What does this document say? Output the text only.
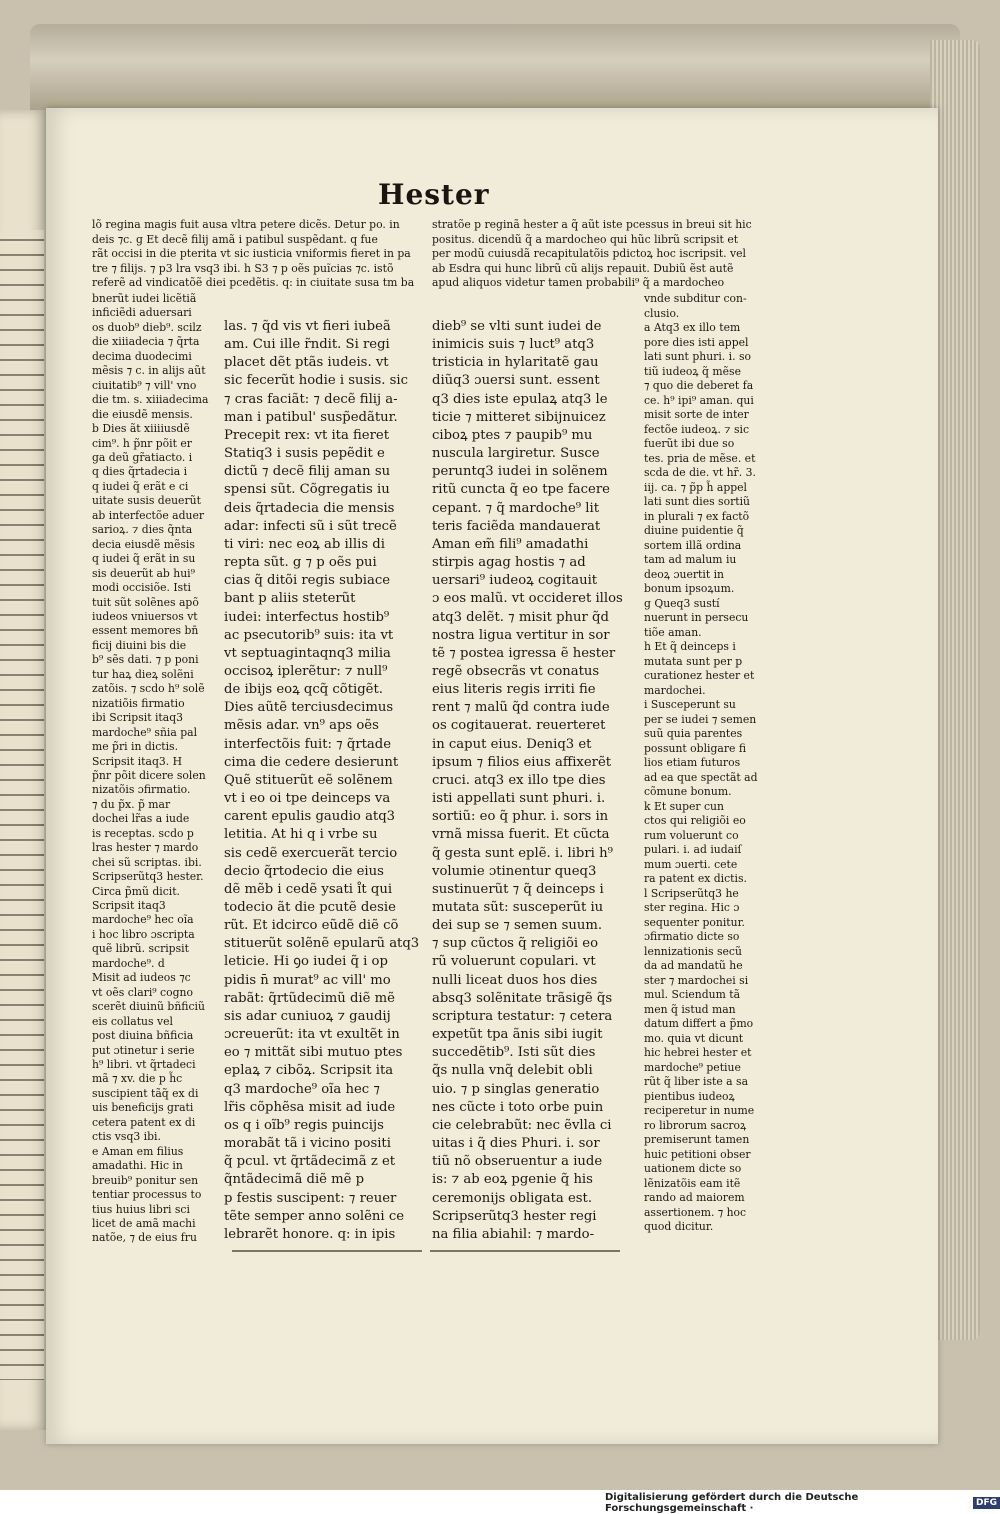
Hester
lõ regina magis fuit ausa vltra petere dicẽs. Detur po. in
deis ⁊c. g Et decẽ filij amã i patibul suspẽdant. q fue
rãt occisi in die pterita vt sic iusticia vniformis fieret in pa
tre ⁊ filijs. ⁊ p3 lra vsq3 ibi. h S3 ⁊ p oẽs puĩcias ⁊c. istõ
referẽ ad vindicatõẽ diei pcedẽtis. q: in ciuitate susa tm ba
stratõe p reginã hester a q̃ aũt iste pcessus in breui sit hic
positus. dicendũ q̃ a mardocheo qui hũc librũ scripsit et
per modũ cuiusdã recapitulatõis pdictoꝝ hoc iscripsit. vel
ab Esdra qui hunc librũ cũ alijs repauit. Dubiũ ẽst autẽ
apud aliquos videtur tamen probabili⁹ q̃ a mardocheo
bnerũt iudei licẽtiã
inficiẽdi aduersari
os duob⁹ dieb⁹. scilz
die xiiiadecia ⁊ q̃rta
decima duodecimi
mẽsis ⁊ c. in alijs aũt
ciuitatib⁹ ⁊ vill' vno
die tm. s. xiiiadecima
die eiusdẽ mensis.
b Dies ãt xiiiiusdẽ
cim⁹. h p̃nr põit er
ga deũ gr̃atiacto. i
q dies q̃rtadecia i
q iudei q̃ erãt e ci
uitate susis deuerũt
ab interfectõe aduer
sarioꝝ. ⁊ dies q̃nta
decia eiusdẽ mẽsis
q iudei q̃ erãt in su
sis deuerũt ab hui⁹
modi occisiõe. Isti
tuit sũt solẽnes apõ
iudeos vniuersos vt
essent memores bn̄
ficij diuini bis die
b⁹ sẽs dati. ⁊ p poni
tur haꝝ dieꝝ solẽni
zatõis. ⁊ scdo h⁹ solẽ
nizatiõis firmatio
ibi Scripsit itaq3
mardoche⁹ sñia pal
me p̃ri in dictis.
Scripsit itaq3. H
p̃nr põit dicere solen
nizatõis ɔfirmatio.
⁊ du p̃x. p̃ mar
dochei lr̃as a iude
is receptas. scdo p
lras hester ⁊ mardo
chei sũ scriptas. ibi.
Scripserũtq3 hester.
Circa p̃mũ dicit.
Scripsit itaq3
mardoche⁹ hec oĩa
i hoc libro ɔscripta
quẽ librũ. scripsit
mardoche⁹. d
Misit ad iudeos ⁊c
vt oẽs clari⁹ cogno
scerẽt diuinũ bñficiũ
eis collatus vel
post diuina bñficia
put ɔtinetur i serie
h⁹ libri. vt q̃rtadeci
mã ⁊ xv. die p h̃c
suscipient tãq̃ ex di
uis beneficijs grati
cetera patent ex di
ctis vsq3 ibi.
e Aman em filius
amadathi. Hic in
breuib⁹ ponitur sen
tentiar processus to
tius huius libri sci
licet de amã machi
natõe, ⁊ de eius fru
las. ⁊ q̃d vis vt fieri iubeã
am. Cui ille r̃ndit. Si regi
placet dẽt ptãs iudeis. vt
sic fecerũt hodie i susis. sic
⁊ cras faciãt: ⁊ decẽ filij a-
man i patibul' susp̃edãtur.
Precepit rex: vt ita fieret
Statiq3 i susis pepẽdit e
dictũ ⁊ decẽ filij aman su
spensi sũt. Cõgregatis iu
deis q̃rtadecia die mensis
adar: infecti sũ i sũt trecẽ
ti viri: nec eoꝝ ab illis di
repta sũt. g ⁊ p oẽs pui
cias q̃ ditõi regis subiace
bant p aliis steterũt
iudei: interfectus hostib⁹
ac psecutorib⁹ suis: ita vt
vt septuagintaqnq3 milia
occisoꝝ iplerẽtur: ⁊ null⁹
de ibijs eoꝝ qcq̃ cõtigẽt.
Dies aũtẽ terciusdecimus
mẽsis adar. vn⁹ aps oẽs
interfectõis fuit: ⁊ q̃rtade
cima die cedere desierunt
Quẽ stituerũt eẽ solẽnem
vt i eo oi tpe deinceps va
carent epulis gaudio atq3
letitia. At hi q i vrbe su
sis cedẽ exercuerãt tercio
decio q̃rtodecio die eius
dẽ mẽb i cedẽ ysati i̊t qui
todecio ãt die pcutẽ desie
rũt. Et idcirco eũdẽ diẽ cõ
stituerũt solẽnẽ epularũ atq3
leticie. Hi ꝯo iudei q̃ i op
pidis n̄ murat⁹ ac vill' mo
rabãt: q̃rtũdecimũ diẽ mẽ
sis adar cuniuoꝝ ⁊ gaudij
ɔcreuerũt: ita vt exultẽt in
eo ⁊ mittãt sibi mutuo ptes
eplaꝝ ⁊ cibõꝝ. Scripsit ita
q3 mardoche⁹ oĩa hec ⁊
lr̃is cõphẽsa misit ad iude
os q i oĩb⁹ regis puincijs
morabãt tã i vicino positi
q̃ pcul. vt q̃rtãdecimã z et
q̃ntãdecimã diẽ mẽ p
p festis suscipent: ⁊ reuer
tẽte semper anno solẽni ce
lebrarẽt honore. q: in ipis
dieb⁹ se vlti sunt iudei de
inimicis suis ⁊ luct⁹ atq3
tristicia in hylaritatẽ gau
diũq3 ɔuersi sunt. essent
q3 dies iste epulaꝝ atq3 le
ticie ⁊ mitteret sibijnuicez
ciboꝝ ptes ⁊ paupib⁹ mu
nuscula largiretur. Susce
peruntq3 iudei in solẽnem
ritũ cuncta q̃ eo tpe facere
cepant. ⁊ q̃ mardoche⁹ lit
teris faciẽda mandauerat
Aman em̃ fili⁹ amadathi
stirpis agag hostis ⁊ ad
uersari⁹ iudeoꝝ cogitauit
ɔ eos malũ. vt occideret illos
atq3 delẽt. ⁊ misit phur q̃d
nostra ligua vertitur in sor
tẽ ⁊ postea igressa ẽ hester
regẽ obsecrãs vt conatus
eius literis regis irriti fie
rent ⁊ malũ q̃d contra iude
os cogitauerat. reuerteret
in caput eius. Deniq3 et
ipsum ⁊ filios eius affixerẽt
cruci. atq3 ex illo tpe dies
isti appellati sunt phuri. i.
sortiũ: eo q̃ phur. i. sors in
vrnã missa fuerit. Et cũcta
q̃ gesta sunt eplẽ. i. libri h⁹
volumie ɔtinentur queq3
sustinuerũt ⁊ q̃ deinceps i
mutata sũt: susceperũt iu
dei sup se ⁊ semen suum.
⁊ sup cũctos q̃ religiõi eo
rũ voluerunt copulari. vt
nulli liceat duos hos dies
absq3 solẽnitate trãsigẽ q̃s
scriptura testatur: ⁊ cetera
expetũt tpa ãnis sibi iugit
succedẽtib⁹. Isti sũt dies
q̃s nulla vnq̃ delebit obli
uio. ⁊ p singlas generatio
nes cũcte i toto orbe puin
cie celebrabũt: nec ẽvlla ci
uitas i q̃ dies Phuri. i. sor
tiũ nõ obseruentur a iude
is: ⁊ ab eoꝝ pgenie q̃ his
ceremonijs obligata est.
Scripserũtq3 hester regi
na filia abiahil: ⁊ mardo-
vnde subditur con-
clusio.
a Atq3 ex illo tem
pore dies isti appel
lati sunt phuri. i. so
tiũ iudeoꝝ q̃ mẽse
⁊ quo die deberet fa
ce. h⁹ ipi⁹ aman. qui
misit sorte de inter
fectõe iudeoꝝ. ⁊ sic
fuerũt ibi due so
tes. pria de mẽse. et
scda de die. vt hr̃. 3.
iij. ca. ⁊ p̃p h̃ appel
lati sunt dies sortiũ
in plurali ⁊ ex factõ
diuine puidentie q̃
sortem illã ordina
tam ad malum iu
deoꝝ ɔuertit in
bonum ipsoꝝum.
g Queq3 sustí
nuerunt in persecu
tiõe aman.
h Et q̃ deinceps i
mutata sunt per p
curationez hester et
mardochei.
i Susceperunt su
per se iudei ⁊ semen
suũ quia parentes
possunt obligare fi
lios etiam futuros
ad ea que spectãt ad
cõmune bonum.
k Et super cun
ctos qui religiõi eo
rum voluerunt co
pulari. i. ad iudaiſ
mum ɔuerti. cete
ra patent ex dictis.
l Scripserũtq3 he
ster regina. Hic ɔ
sequenter ponitur.
ɔfirmatio dicte so
lennizationis secũ
da ad mandatũ he
ster ⁊ mardochei si
mul. Sciendum tã
men q̃ istud man
datum differt a p̃mo
mo. quia vt dicunt
hic hebrei hester et
mardoche⁹ petiue
rũt q̃ liber iste a sa
pientibus iudeoꝝ
reciperetur in nume
ro librorum sacroꝝ
premiserunt tamen
huic petitioni obser
uationem dicte so
lẽnizatõis eam itẽ
rando ad maiorem
assertionem. ⁊ hoc
quod dicitur.
Digitalisierung gefördert durch die Deutsche Forschungsgemeinschaft ·	DFG
